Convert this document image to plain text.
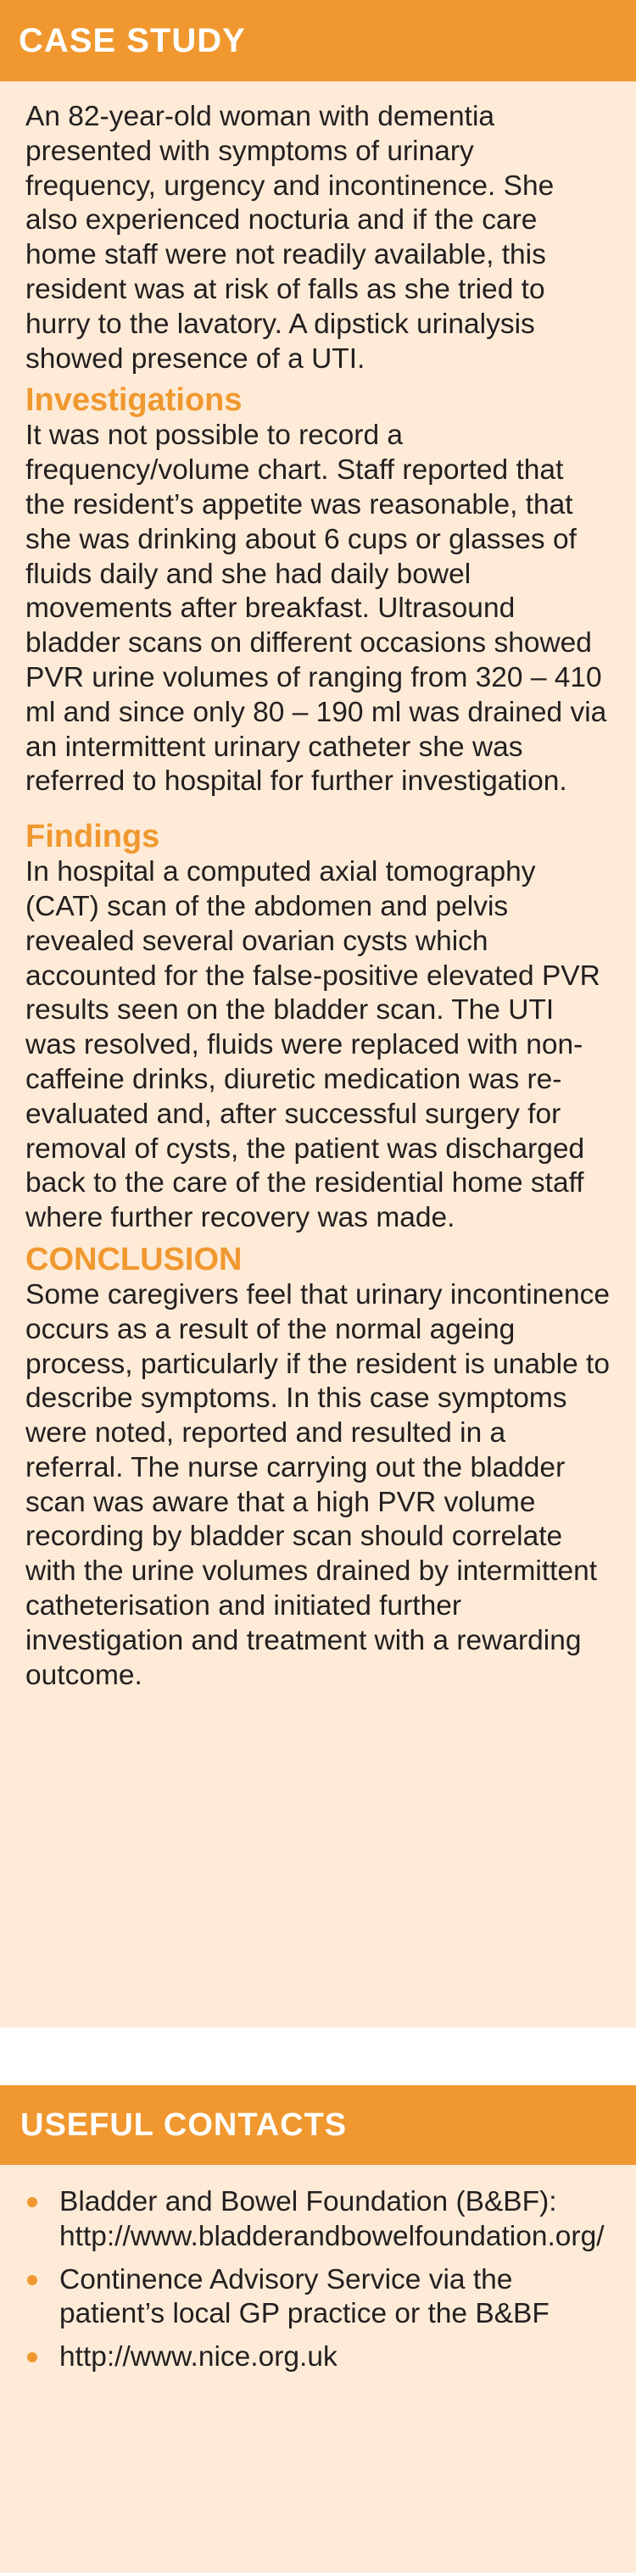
CASE STUDY

An 82-year-old woman with dementia presented with symptoms of urinary frequency, urgency and incontinence. She also experienced nocturia and if the care home staff were not readily available, this resident was at risk of falls as she tried to hurry to the lavatory. A dipstick urinalysis showed presence of a UTI.

Investigations

It was not possible to record a frequency/volume chart. Staff reported that the resident’s appetite was reasonable, that she was drinking about 6 cups or glasses of fluids daily and she had daily bowel movements after breakfast. Ultrasound bladder scans on different occasions showed PVR urine volumes of ranging from 320 – 410 ml and since only 80 – 190 ml was drained via an intermittent urinary catheter she was referred to hospital for further investigation.

Findings

In hospital a computed axial tomography (CAT) scan of the abdomen and pelvis revealed several ovarian cysts which accounted for the false-positive elevated PVR results seen on the bladder scan. The UTI was resolved, fluids were replaced with non-caffeine drinks, diuretic medication was re-evaluated and, after successful surgery for removal of cysts, the patient was discharged back to the care of the residential home staff where further recovery was made.

CONCLUSION

Some caregivers feel that urinary incontinence occurs as a result of the normal ageing process, particularly if the resident is unable to describe symptoms. In this case symptoms were noted, reported and resulted in a referral. The nurse carrying out the bladder scan was aware that a high PVR volume recording by bladder scan should correlate with the urine volumes drained by intermittent catheterisation and initiated further investigation and treatment with a rewarding outcome.

USEFUL CONTACTS
Bladder and Bowel Foundation (B&BF): http://www.bladderandbowelfoundation.org/
Continence Advisory Service via the patient’s local GP practice or the B&BF
http://www.nice.org.uk
